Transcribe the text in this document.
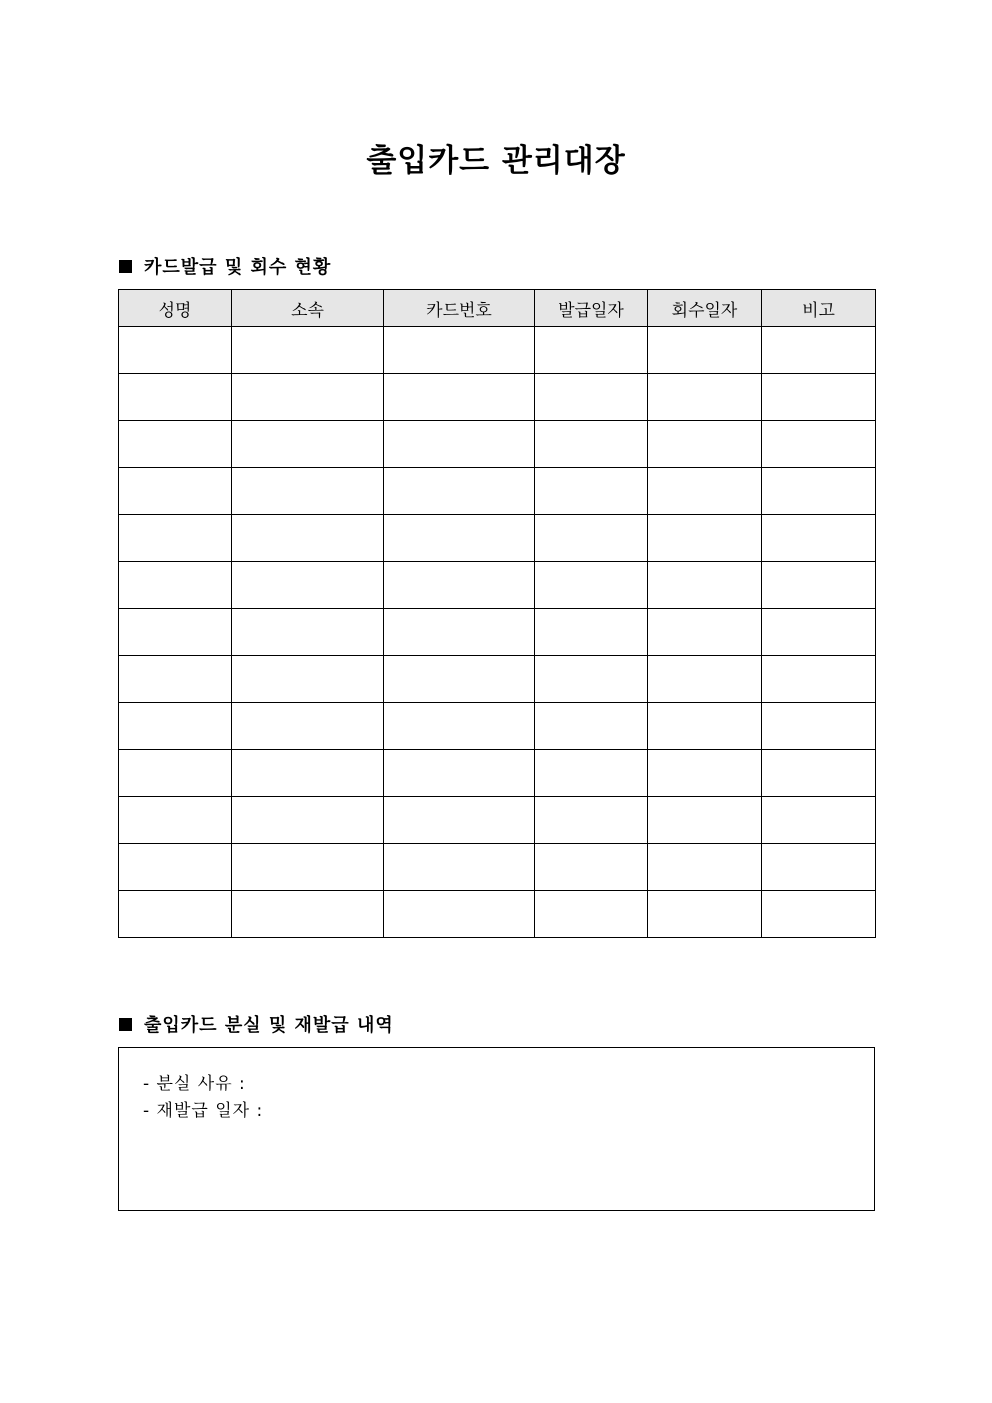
출입카드 관리대장
카드발급 및 회수 현황
성명	소속	카드번호	발급일자	회수일자	비고

출입카드 분실 및 재발급 내역
- 분실 사유 :
- 재발급 일자 :
